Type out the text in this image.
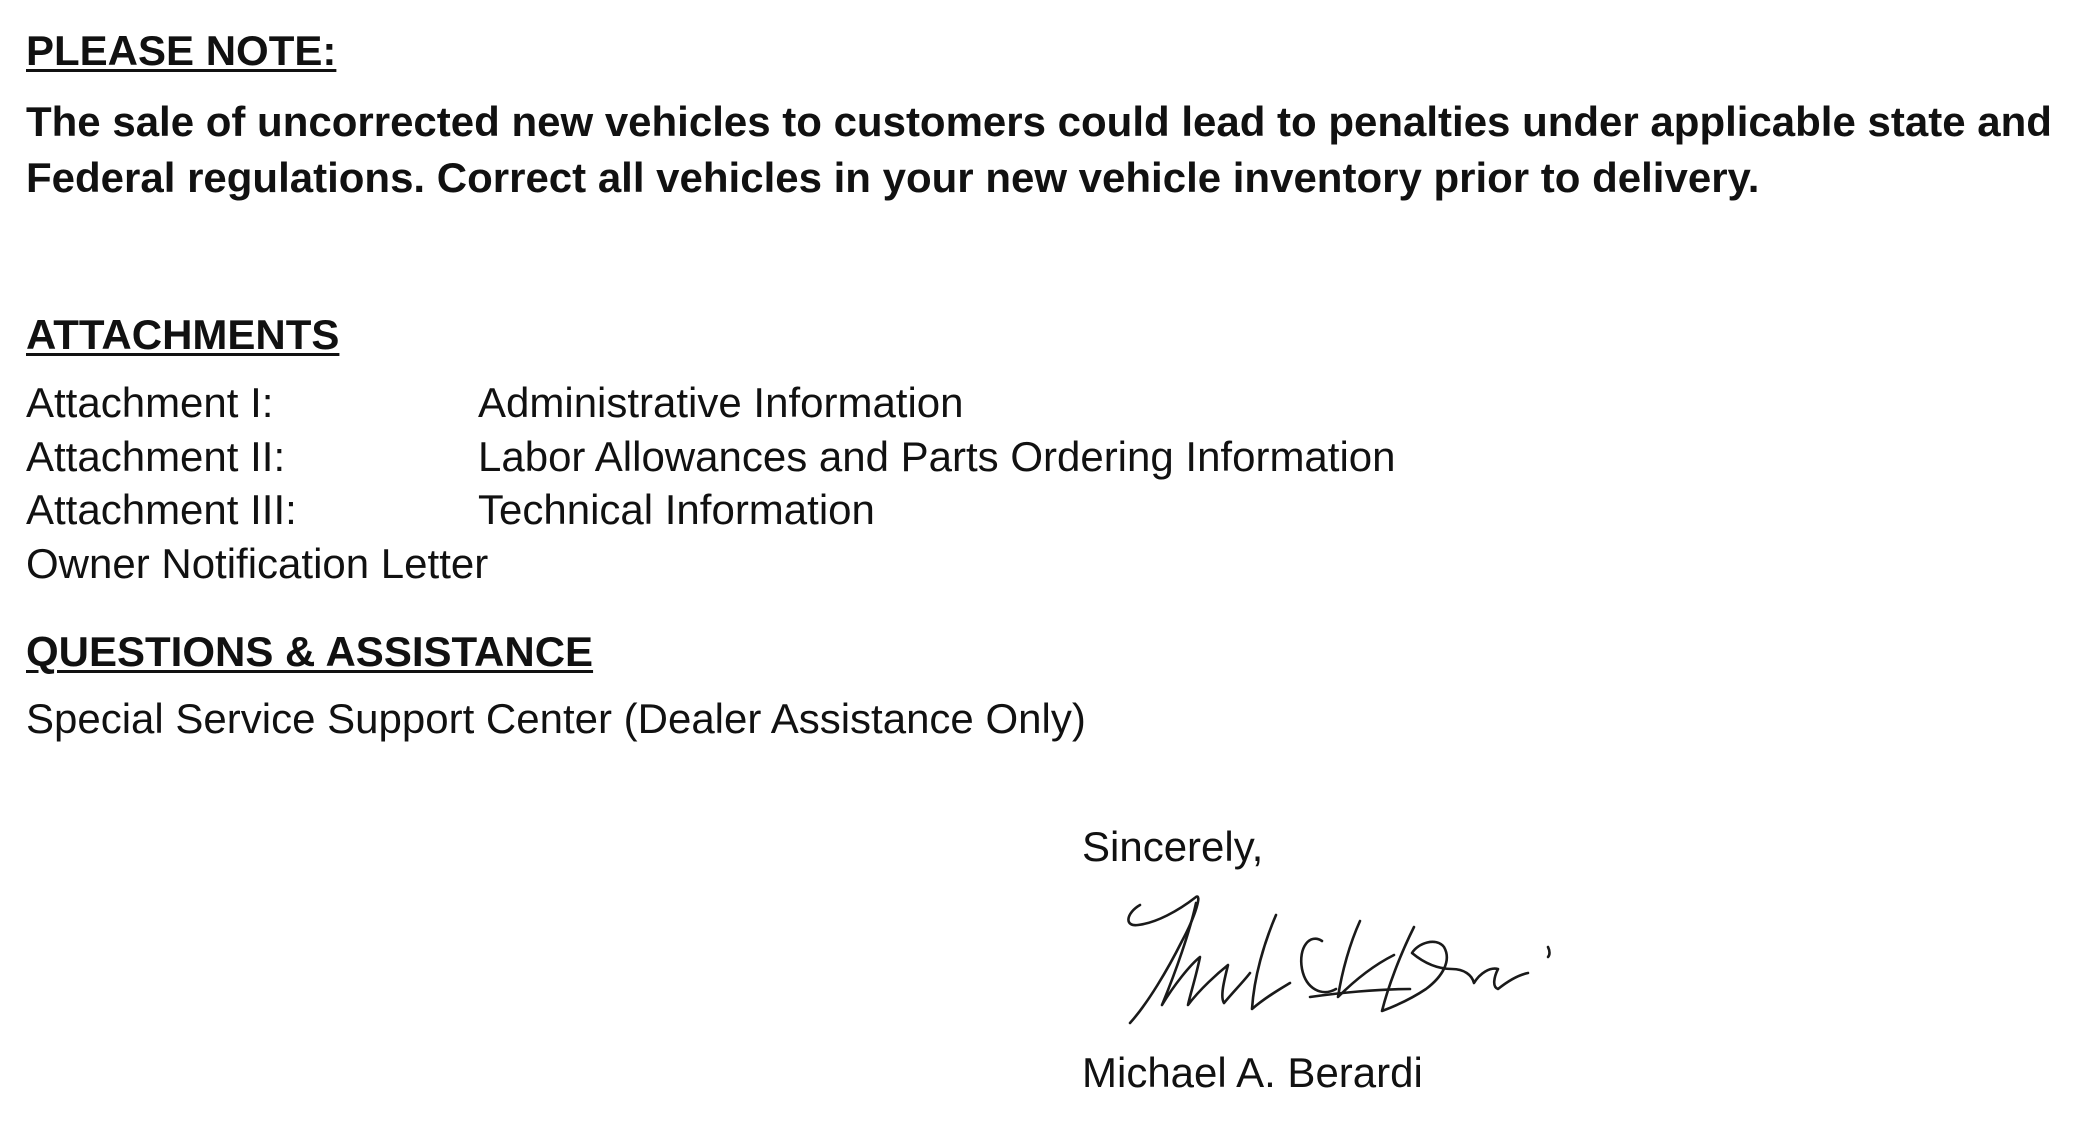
PLEASE NOTE:

The sale of uncorrected new vehicles to customers could lead to penalties under applicable state and Federal regulations. Correct all vehicles in your new vehicle inventory prior to delivery.

ATTACHMENTS
Attachment I:	Administrative Information
Attachment II:	Labor Allowances and Parts Ordering Information
Attachment III:	Technical Information
Owner Notification Letter
QUESTIONS & ASSISTANCE
Special Service Support Center (Dealer Assistance Only)
Sincerely,
Michael A. Berardi
